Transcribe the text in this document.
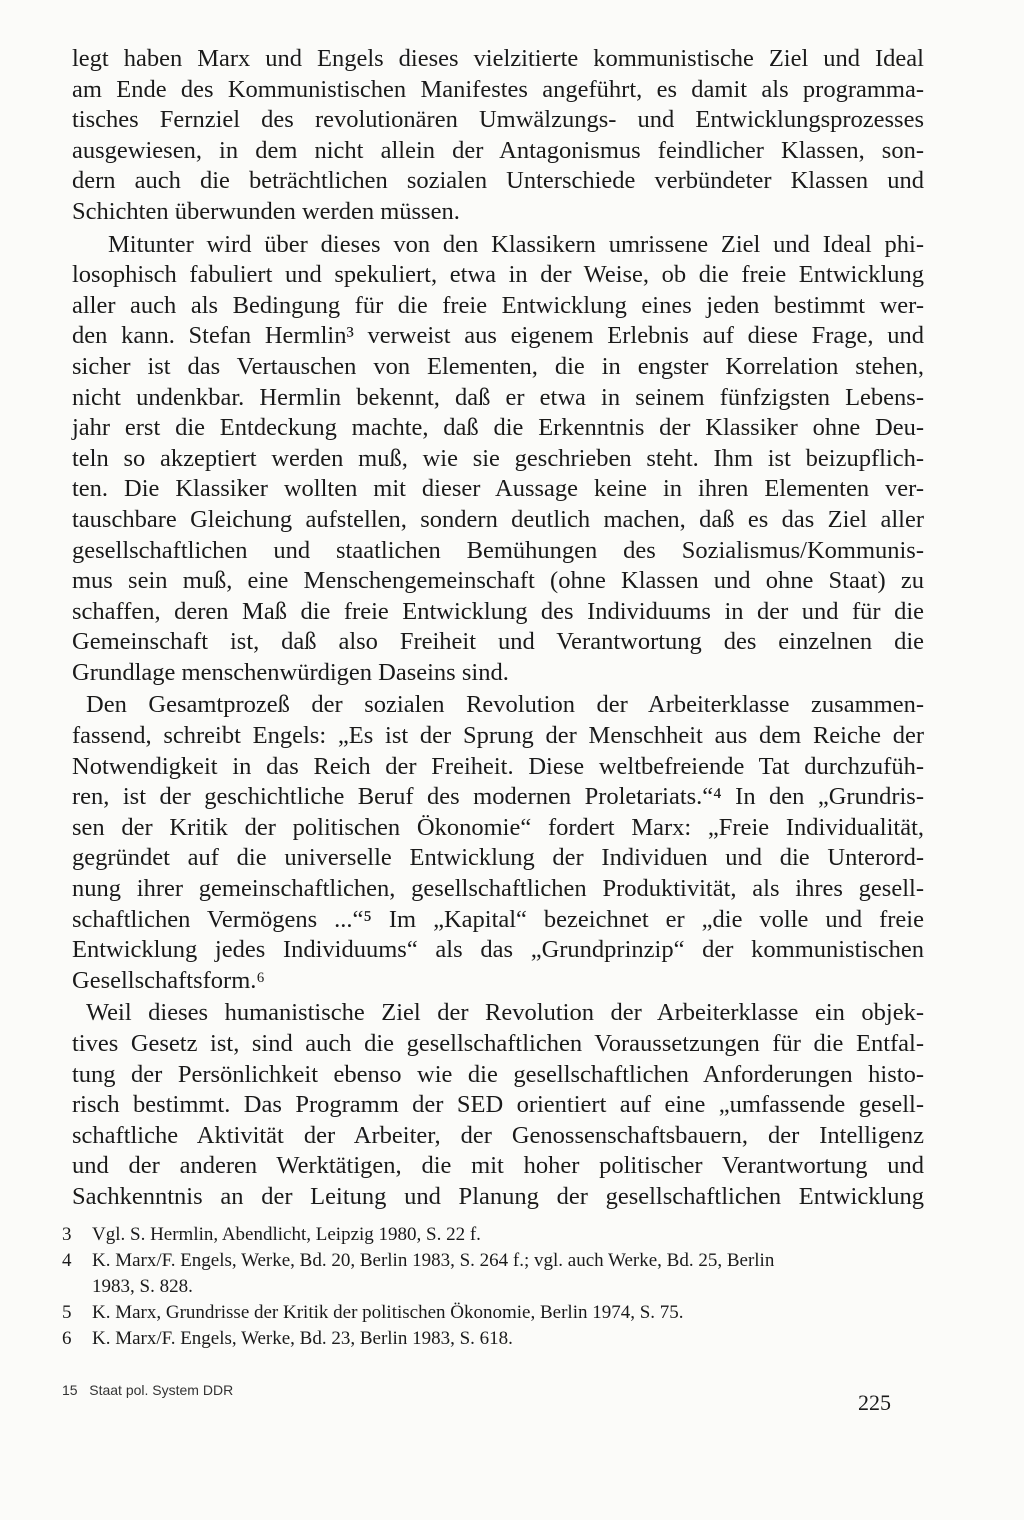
legt haben Marx und Engels dieses vielzitierte kommunistische Ziel und Ideal
am Ende des Kommunistischen Manifestes angeführt, es damit als programma-
tisches Fernziel des revolutionären Umwälzungs- und Entwicklungsprozesses
ausgewiesen, in dem nicht allein der Antagonismus feindlicher Klassen, son-
dern auch die beträchtlichen sozialen Unterschiede verbündeter Klassen und
Schichten überwunden werden müssen.
Mitunter wird über dieses von den Klassikern umrissene Ziel und Ideal phi-
losophisch fabuliert und spekuliert, etwa in der Weise, ob die freie Entwicklung
aller auch als Bedingung für die freie Entwicklung eines jeden bestimmt wer-
den kann. Stefan Hermlin³ verweist aus eigenem Erlebnis auf diese Frage, und
sicher ist das Vertauschen von Elementen, die in engster Korrelation stehen,
nicht undenkbar. Hermlin bekennt, daß er etwa in seinem fünfzigsten Lebens-
jahr erst die Entdeckung machte, daß die Erkenntnis der Klassiker ohne Deu-
teln so akzeptiert werden muß, wie sie geschrieben steht. Ihm ist beizupflich-
ten. Die Klassiker wollten mit dieser Aussage keine in ihren Elementen ver-
tauschbare Gleichung aufstellen, sondern deutlich machen, daß es das Ziel aller
gesellschaftlichen und staatlichen Bemühungen des Sozialismus/Kommunis-
mus sein muß, eine Menschengemeinschaft (ohne Klassen und ohne Staat) zu
schaffen, deren Maß die freie Entwicklung des Individuums in der und für die
Gemeinschaft ist, daß also Freiheit und Verantwortung des einzelnen die
Grundlage menschenwürdigen Daseins sind.
Den Gesamtprozeß der sozialen Revolution der Arbeiterklasse zusammen-
fassend, schreibt Engels: „Es ist der Sprung der Menschheit aus dem Reiche der
Notwendigkeit in das Reich der Freiheit. Diese weltbefreiende Tat durchzufüh-
ren, ist der geschichtliche Beruf des modernen Proletariats.“⁴ In den „Grundris-
sen der Kritik der politischen Ökonomie“ fordert Marx: „Freie Individualität,
gegründet auf die universelle Entwicklung der Individuen und die Unterord-
nung ihrer gemeinschaftlichen, gesellschaftlichen Produktivität, als ihres gesell-
schaftlichen Vermögens ...“⁵ Im „Kapital“ bezeichnet er „die volle und freie
Entwicklung jedes Individuums“ als das „Grundprinzip“ der kommunistischen
Gesellschaftsform.⁶
Weil dieses humanistische Ziel der Revolution der Arbeiterklasse ein objek-
tives Gesetz ist, sind auch die gesellschaftlichen Voraussetzungen für die Entfal-
tung der Persönlichkeit ebenso wie die gesellschaftlichen Anforderungen histo-
risch bestimmt. Das Programm der SED orientiert auf eine „umfassende gesell-
schaftliche Aktivität der Arbeiter, der Genossenschaftsbauern, der Intelligenz
und der anderen Werktätigen, die mit hoher politischer Verantwortung und
Sachkenntnis an der Leitung und Planung der gesellschaftlichen Entwicklung
3	Vgl. S. Hermlin, Abendlicht, Leipzig 1980, S. 22 f.
4	K. Marx/F. Engels, Werke, Bd. 20, Berlin 1983, S. 264 f.; vgl. auch Werke, Bd. 25, Berlin
1983, S. 828.
5	K. Marx, Grundrisse der Kritik der politischen Ökonomie, Berlin 1974, S. 75.
6	K. Marx/F. Engels, Werke, Bd. 23, Berlin 1983, S. 618.
15   Staat pol. System DDR	225
